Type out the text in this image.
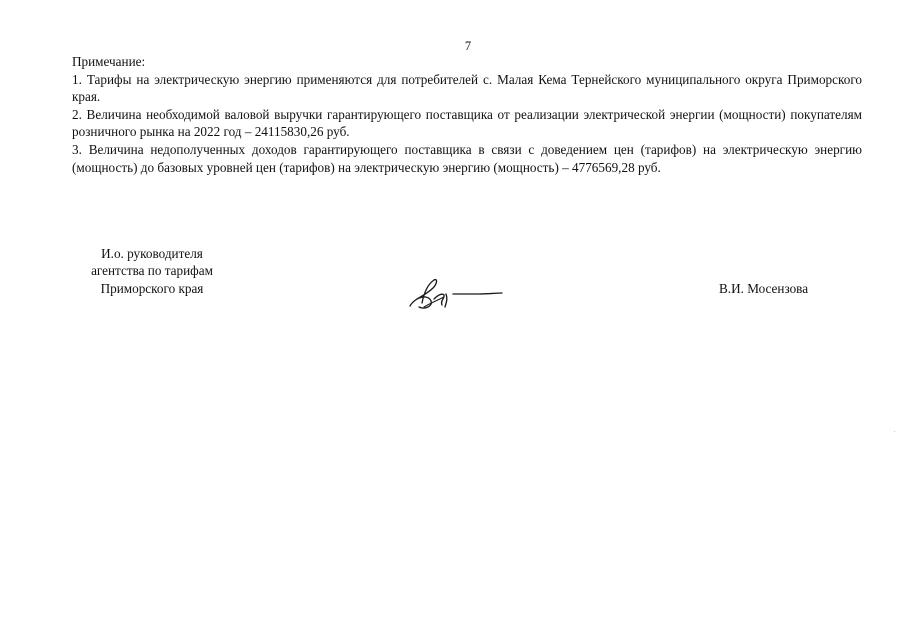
7

Примечание:

1. Тарифы на электрическую энергию применяются для потребителей с. Малая Кема Тернейского муниципального округа Приморского края.

2. Величина необходимой валовой выручки гарантирующего поставщика от реализации электрической энергии (мощности) покупателям розничного рынка на 2022 год – 24115830,26 руб.

3. Величина недополученных доходов гарантирующего поставщика в связи с доведением цен (тарифов) на электрическую энергию (мощность) до базовых уровней цен (тарифов) на электрическую энергию (мощность) – 4776569,28 руб.

И.о. руководителя
агентства по тарифам
Приморского края	В.И. Мосензова
